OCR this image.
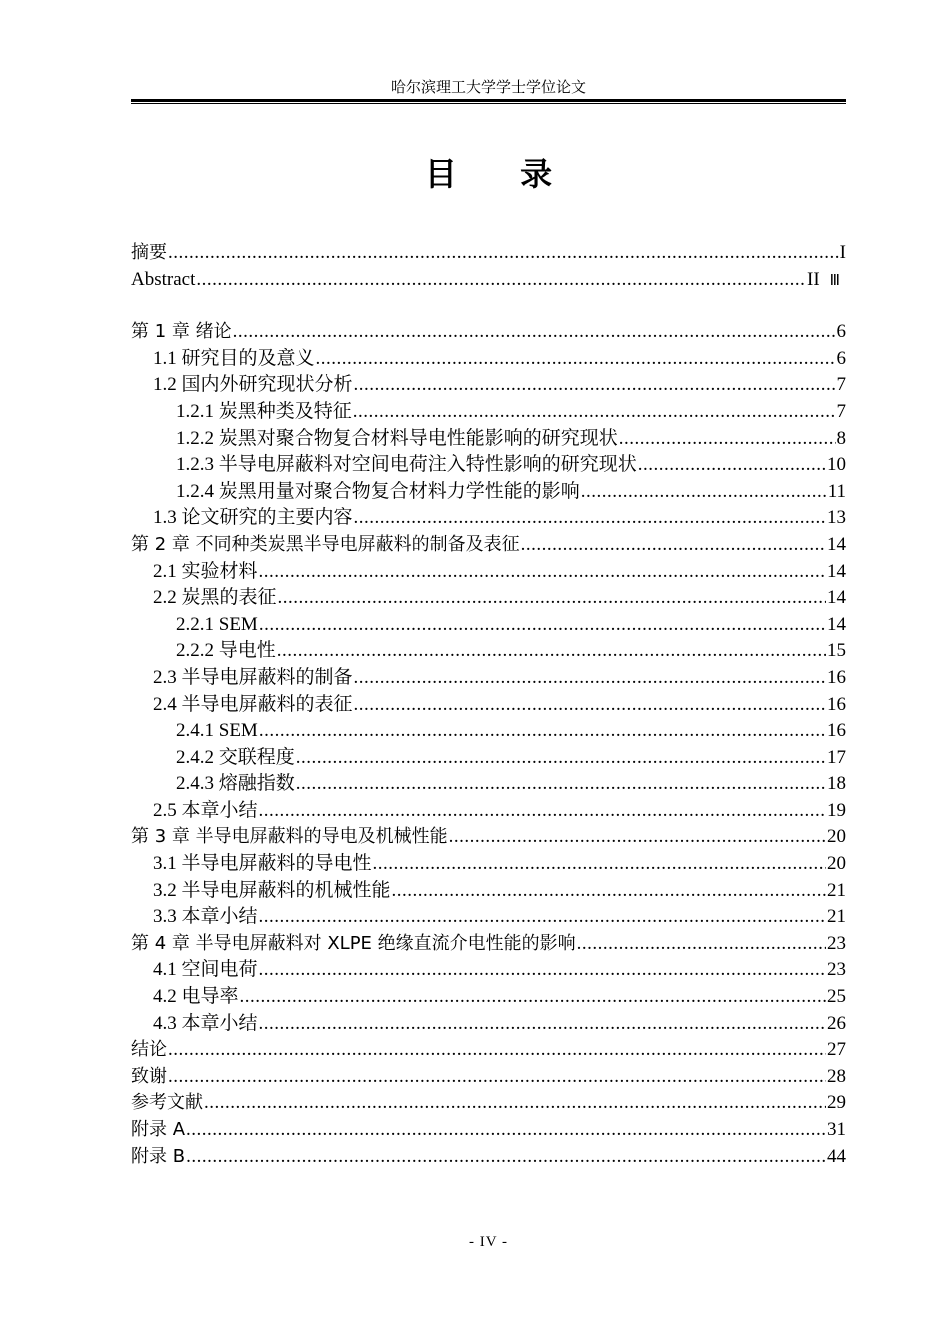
哈尔滨理工大学学士学位论文
目 录
摘要 .....	I
Abstract .....	II Ⅲ
第 1 章 绪论 .....	6
1.1 研究目的及意义 .....	6
1.2 国内外研究现状分析 .....	7
1.2.1 炭黑种类及特征 .....	7
1.2.2 炭黑对聚合物复合材料导电性能影响的研究现状 .....	8
1.2.3 半导电屏蔽料对空间电荷注入特性影响的研究现状 .....	10
1.2.4 炭黑用量对聚合物复合材料力学性能的影响 .....	11
1.3 论文研究的主要内容 .....	13
第 2 章 不同种类炭黑半导电屏蔽料的制备及表征 .....	14
2.1 实验材料 .....	14
2.2 炭黑的表征 .....	14
2.2.1 SEM .....	14
2.2.2 导电性 .....	15
2.3 半导电屏蔽料的制备 .....	16
2.4 半导电屏蔽料的表征 .....	16
2.4.1 SEM .....	16
2.4.2 交联程度 .....	17
2.4.3 熔融指数 .....	18
2.5 本章小结 .....	19
第 3 章 半导电屏蔽料的导电及机械性能 .....	20
3.1 半导电屏蔽料的导电性 .....	20
3.2 半导电屏蔽料的机械性能 .....	21
3.3 本章小结 .....	21
第 4 章 半导电屏蔽料对 XLPE 绝缘直流介电性能的影响 .....	23
4.1 空间电荷 .....	23
4.2 电导率 .....	25
4.3 本章小结 .....	26
结论 .....	27
致谢 .....	28
参考文献 .....	29
附录 A .....	31
附录 B .....	44
- IV -
